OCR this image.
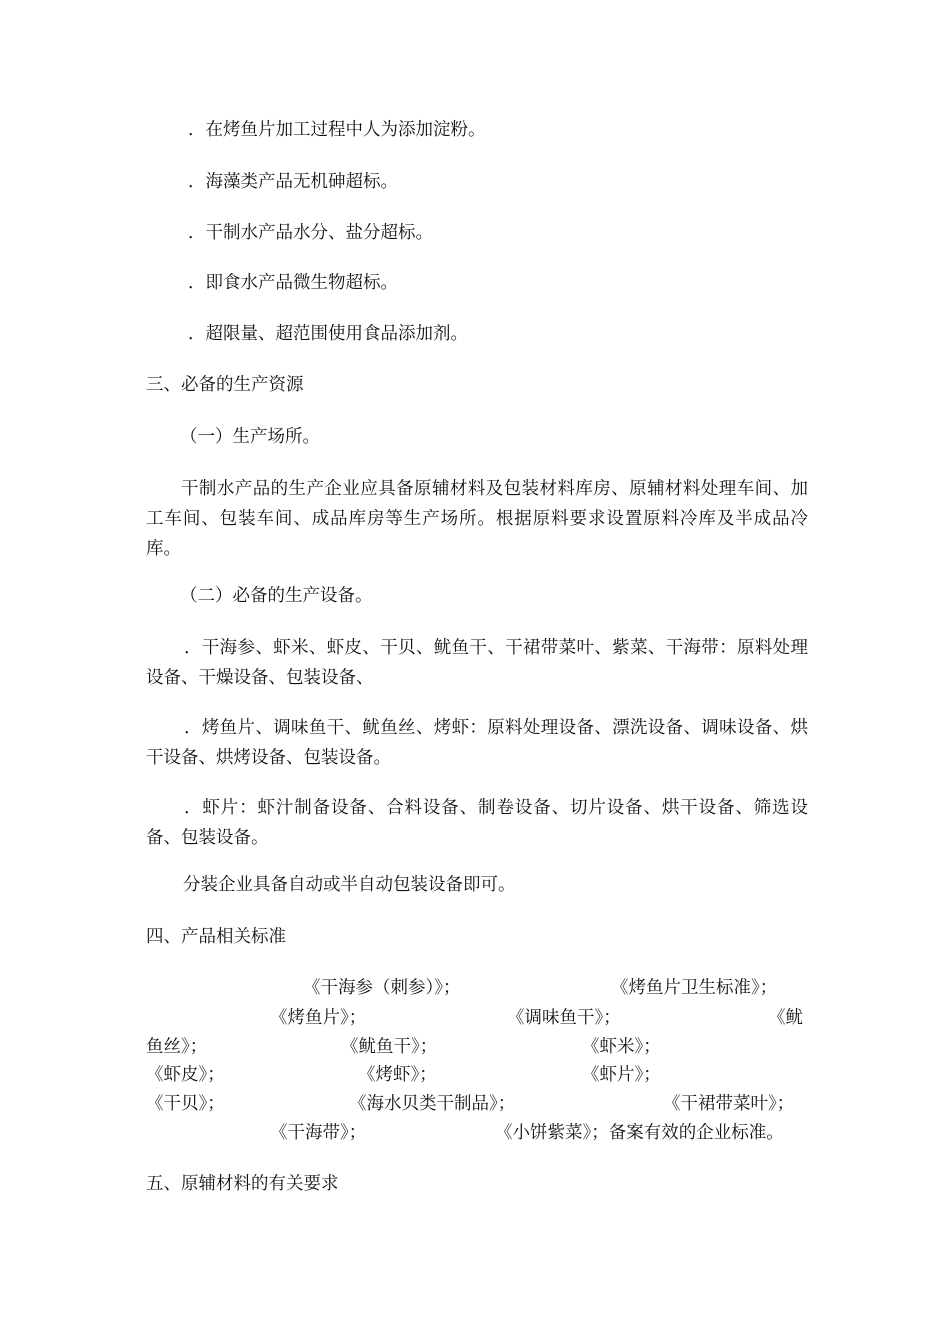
．在烤鱼片加工过程中人为添加淀粉。
．海藻类产品无机砷超标。
．干制水产品水分、盐分超标。
．即食水产品微生物超标。
．超限量、超范围使用食品添加剂。
三、必备的生产资源
（一）生产场所。
干制水产品的生产企业应具备原辅材料及包装材料库房、原辅材料处理车间、加工车间、包装车间、成品库房等生产场所。根据原料要求设置原料冷库及半成品冷库。
（二）必备的生产设备。
．干海参、虾米、虾皮、干贝、鱿鱼干、干裙带菜叶、紫菜、干海带：原料处理设备、干燥设备、包装设备、
．烤鱼片、调味鱼干、鱿鱼丝、烤虾：原料处理设备、漂洗设备、调味设备、烘干设备、烘烤设备、包装设备。
．虾片：虾汁制备设备、合料设备、制卷设备、切片设备、烘干设备、筛选设备、包装设备。
分装企业具备自动或半自动包装设备即可。
四、产品相关标准
《干海参（刺参）》；	《烤鱼片卫生标准》；
《烤鱼片》；	《调味鱼干》；	《鱿
鱼丝》；	《鱿鱼干》；	《虾米》；
《虾皮》；	《烤虾》；	《虾片》；
《干贝》；	《海水贝类干制品》；	《干裙带菜叶》；
《干海带》；	《小饼紫菜》；备案有效的企业标准。
五、原辅材料的有关要求
